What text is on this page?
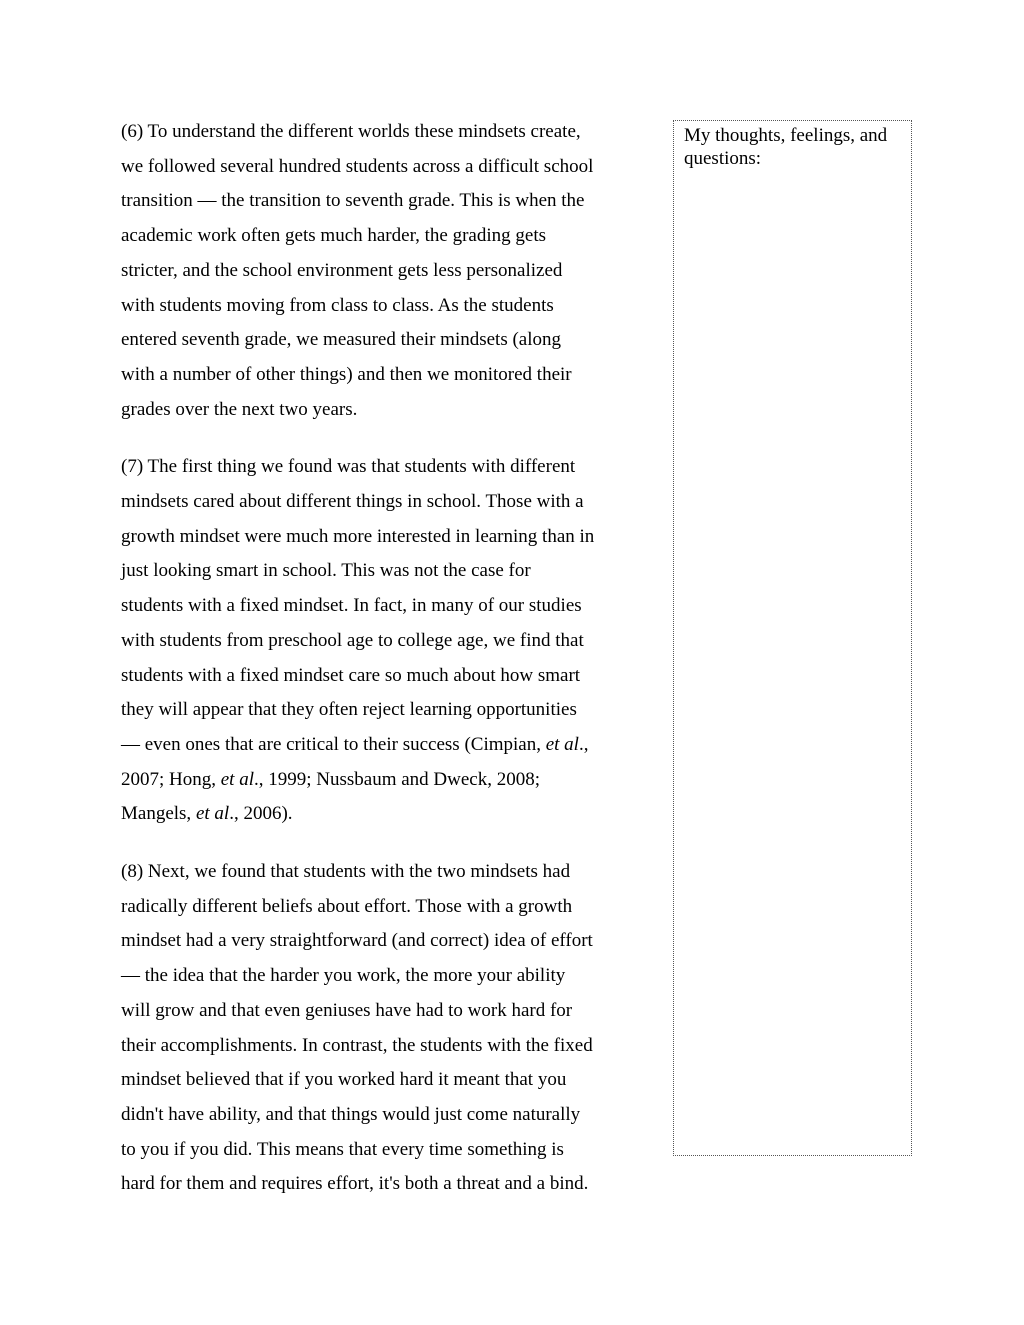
(6) To understand the different worlds these mindsets create,
we followed several hundred students across a difficult school
transition — the transition to seventh grade. This is when the
academic work often gets much harder, the grading gets
stricter, and the school environment gets less personalized
with students moving from class to class. As the students
entered seventh grade, we measured their mindsets (along
with a number of other things) and then we monitored their
grades over the next two years.

(7) The first thing we found was that students with different
mindsets cared about different things in school. Those with a
growth mindset were much more interested in learning than in
just looking smart in school. This was not the case for
students with a fixed mindset. In fact, in many of our studies
with students from preschool age to college age, we find that
students with a fixed mindset care so much about how smart
they will appear that they often reject learning opportunities
— even ones that are critical to their success (Cimpian, et al.,
2007; Hong, et al., 1999; Nussbaum and Dweck, 2008;
Mangels, et al., 2006).

(8) Next, we found that students with the two mindsets had
radically different beliefs about effort. Those with a growth
mindset had a very straightforward (and correct) idea of effort
— the idea that the harder you work, the more your ability
will grow and that even geniuses have had to work hard for
their accomplishments. In contrast, the students with the fixed
mindset believed that if you worked hard it meant that you
didn't have ability, and that things would just come naturally
to you if you did. This means that every time something is
hard for them and requires effort, it's both a threat and a bind.

My thoughts, feelings, and questions:
